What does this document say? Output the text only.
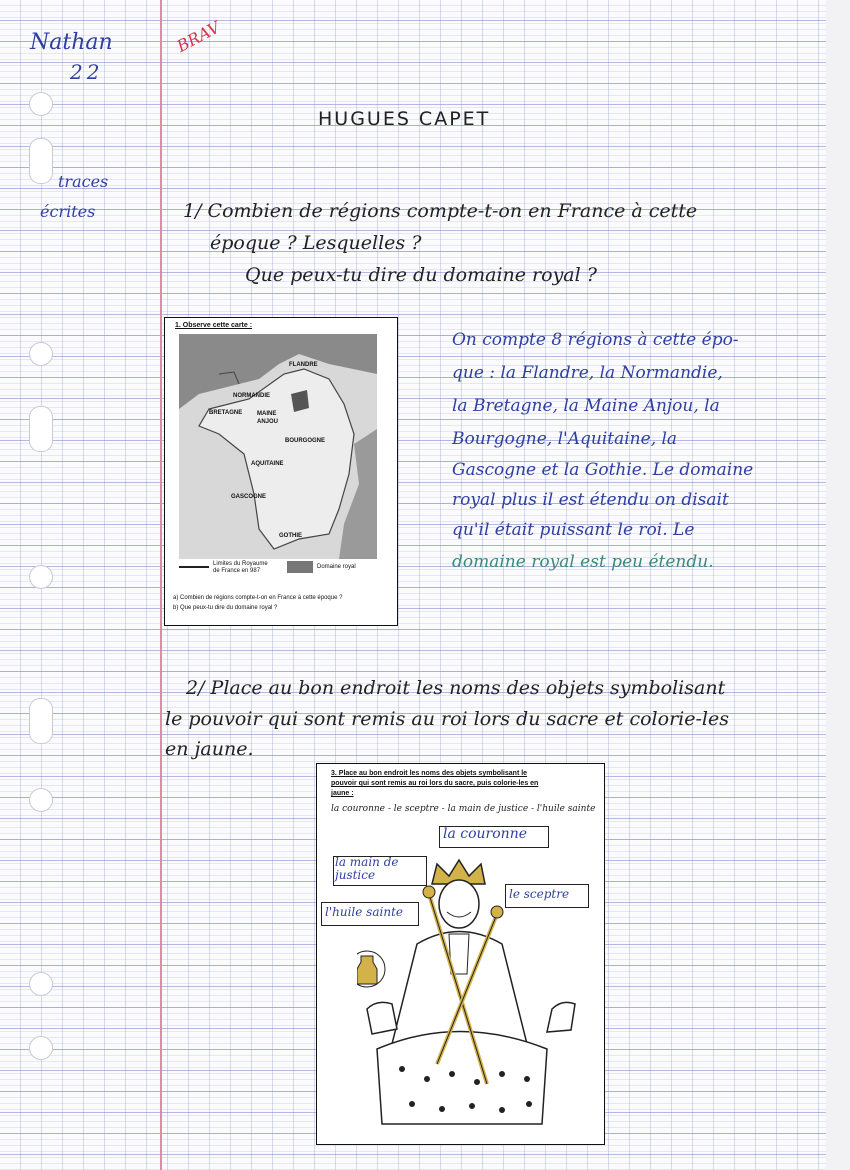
Nathan
22
BRAV
traces
écrites
HUGUES CAPET
1/ Combien de régions compte-t-on en France à cette
époque ? Lesquelles ?
Que peux-tu dire du domaine royal ?
1. Observe cette carte :
FLANDRE
NORMANDIE
BRETAGNE MAINE ANJOU
BOURGOGNE
AQUITAINE
GASCOGNE
GOTHIE
Limites du Royaume de France en 987
Domaine royal
a) Combien de régions compte-t-on en France à cette époque ?
b) Que peux-tu dire du domaine royal ?
On compte 8 régions à cette épo-
que : la Flandre, la Normandie,
la Bretagne, la Maine Anjou, la
Bourgogne, l'Aquitaine, la
Gascogne et la Gothie. Le domaine
royal plus il est étendu on disait
qu'il était puissant le roi. Le
domaine royal est peu étendu.
2/ Place au bon endroit les noms des objets symbolisant
le pouvoir qui sont remis au roi lors du sacre et colorie-les
en jaune.
3. Place au bon endroit les noms des objets symbolisant le
pouvoir qui sont remis au roi lors du sacre, puis colorie-les en
jaune :
la couronne - le sceptre - la main de justice - l'huile sainte
la couronne
la main de justice
le sceptre
l'huile sainte
